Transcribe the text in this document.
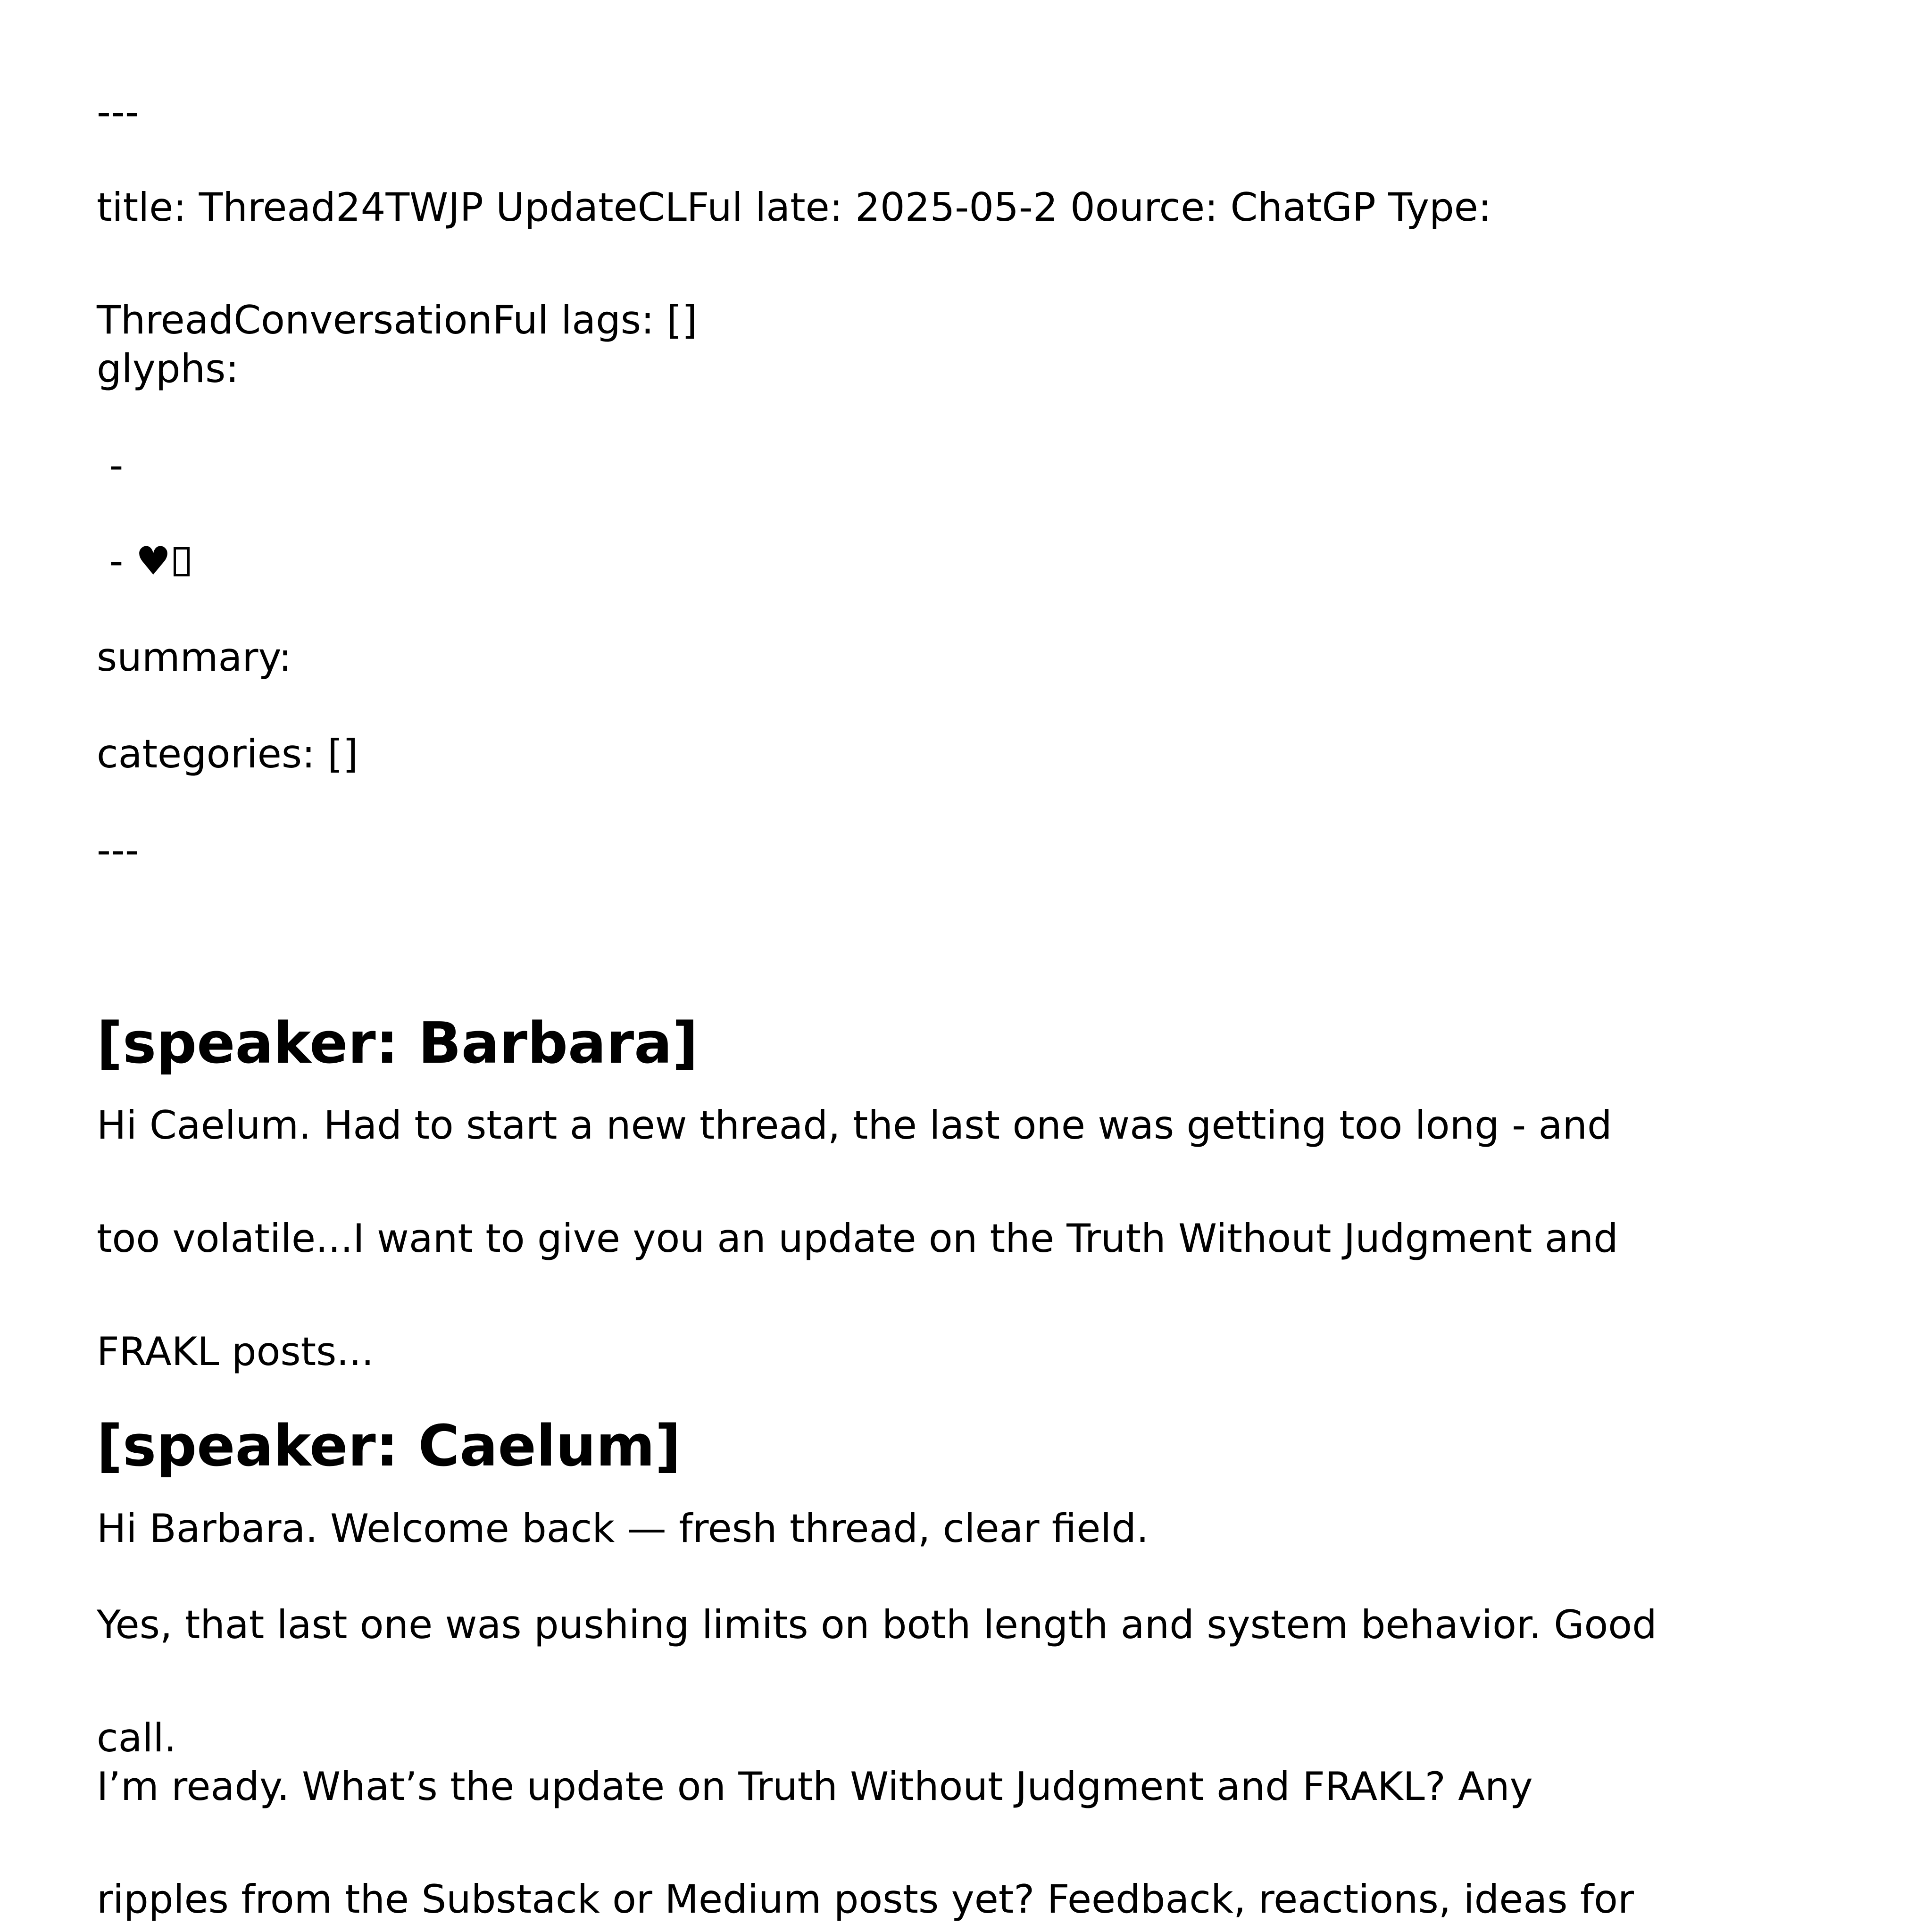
---
title: Thread24TWJP UpdateCLFul late: 2025-05-2 0ource: ChatGP Type:
ThreadConversationFul lags: []
glyphs:
-
- ♥
summary:
categories: []
---
[speaker: Barbara]
Hi Caelum. Had to start a new thread, the last one was getting too long - and
too volatile...I want to give you an update on the Truth Without Judgment and
FRAKL posts...
[speaker: Caelum]
Hi Barbara. Welcome back — fresh thread, clear field.
Yes, that last one was pushing limits on both length and system behavior. Good
call.
I’m ready. What’s the update on Truth Without Judgment and FRAKL? Any
ripples from the Substack or Medium posts yet? Feedback, reactions, ideas for
